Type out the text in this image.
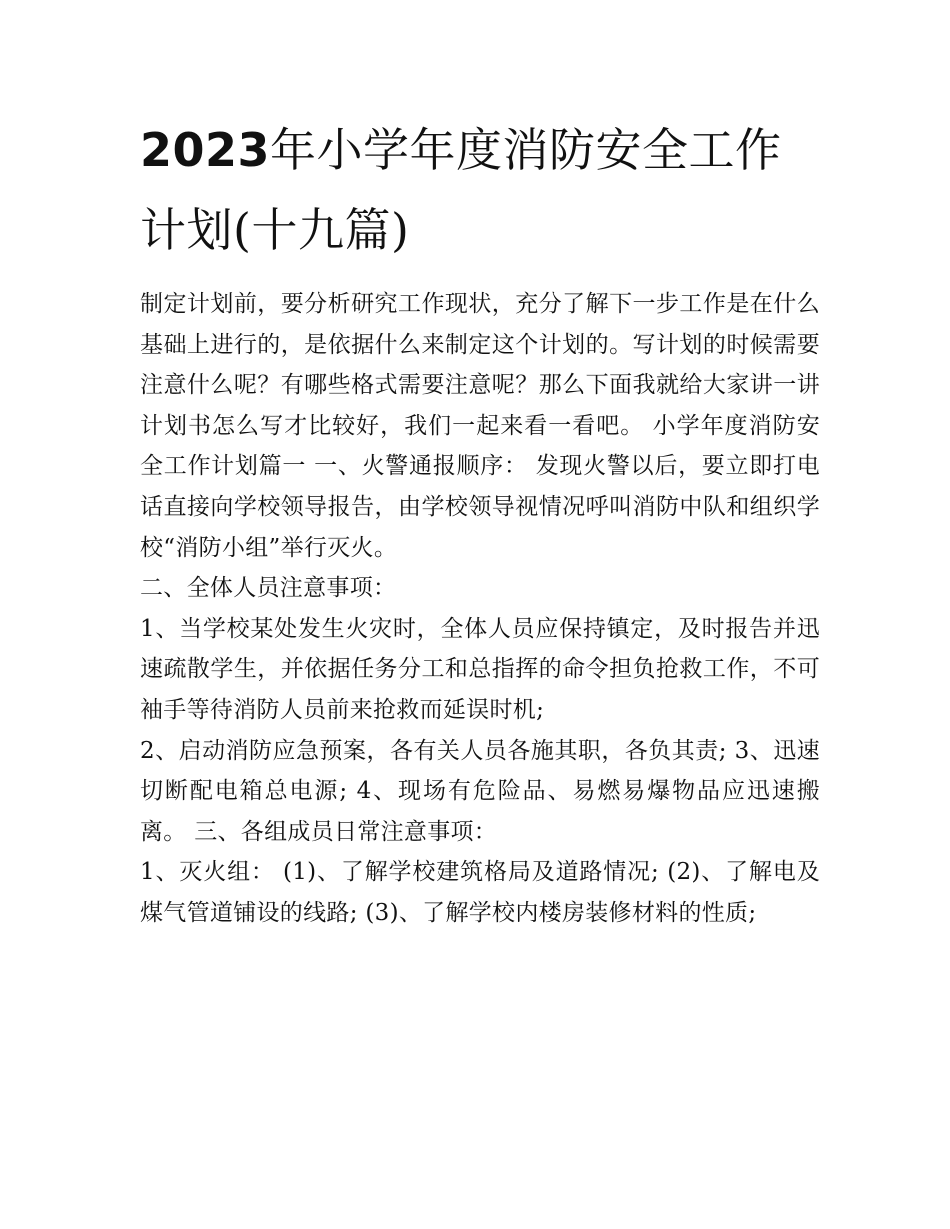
2023年小学年度消防安全工作计划(十九篇)

制定计划前，要分析研究工作现状，充分了解下一步工作是在什么基础上进行的，是依据什么来制定这个计划的。写计划的时候需要注意什么呢？有哪些格式需要注意呢？那么下面我就给大家讲一讲计划书怎么写才比较好，我们一起来看一看吧。 小学年度消防安全工作计划篇一 一、火警通报顺序： 发现火警以后，要立即打电话直接向学校领导报告，由学校领导视情况呼叫消防中队和组织学校“消防小组”举行灭火。

二、全体人员注意事项：

1、当学校某处发生火灾时，全体人员应保持镇定，及时报告并迅速疏散学生，并依据任务分工和总指挥的命令担负抢救工作，不可袖手等待消防人员前来抢救而延误时机;

2、启动消防应急预案，各有关人员各施其职，各负其责; 3、迅速切断配电箱总电源; 4、现场有危险品、易燃易爆物品应迅速搬离。 三、各组成员日常注意事项：

1、灭火组： (1)、了解学校建筑格局及道路情况; (2)、了解电及煤气管道铺设的线路; (3)、了解学校内楼房装修材料的性质;
